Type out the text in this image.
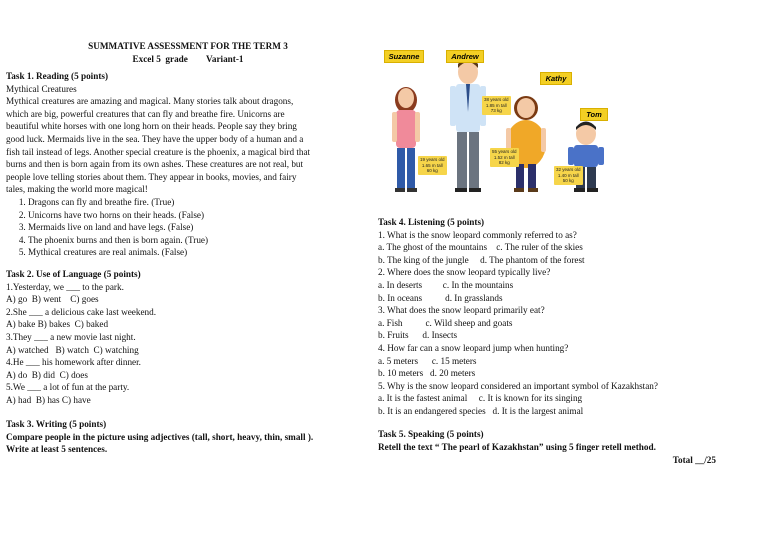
SUMMATIVE ASSESSMENT FOR THE TERM 3
Excel 5  grade        Variant-1
Task 1. Reading (5 points)
Mythical Creatures
Mythical creatures are amazing and magical. Many stories talk about dragons,
which are big, powerful creatures that can fly and breathe fire. Unicorns are
beautiful white horses with one long horn on their heads. People say they bring
good luck. Mermaids live in the sea. They have the upper body of a human and a
fish tail instead of legs. Another special creature is the phoenix, a magical bird that
burns and then is born again from its own ashes. These creatures are not real, but
people love telling stories about them. They appear in books, movies, and fairy
tales, making the world more magical!
1. Dragons can fly and breathe fire. (True)
2. Unicorns have two horns on their heads. (False)
3. Mermaids live on land and have legs. (False)
4. The phoenix burns and then is born again. (True)
5. Mythical creatures are real animals. (False)
Task 2. Use of Language (5 points)
1.Yesterday, we ___ to the park.
A) go  B) went    C) goes
2.She ___ a delicious cake last weekend.
A) bake B) bakes  C) baked
3.They ___ a new movie last night.
A) watched   B) watch  C) watching
4.He ___ his homework after dinner.
A) do  B) did  C) does
5.We ___ a lot of fun at the party.
A) had  B) has C) have
Task 3. Writing (5 points)
Compare people in the picture using adjectives (tall, short, heavy, thin, small ).
Write at least 5 sentences.
Suzanne	Andrew
Kathy
Tom
19 years old
1.65 m tall
60 kg
38 years old
1.85 m tall
73 kg
55 years old
1.52 m tall
82 kg
32 years old
1.40 m tall
50 kg
Task 4. Listening (5 points)
1. What is the snow leopard commonly referred to as?
a. The ghost of the mountains    c. The ruler of the skies
b. The king of the jungle     d. The phantom of the forest
2. Where does the snow leopard typically live?
a. In deserts         c. In the mountains
b. In oceans          d. In grasslands
3. What does the snow leopard primarily eat?
a. Fish          c. Wild sheep and goats
b. Fruits      d. Insects
4. How far can a snow leopard jump when hunting?
a. 5 meters      c. 15 meters
b. 10 meters   d. 20 meters
5. Why is the snow leopard considered an important symbol of Kazakhstan?
a. It is the fastest animal     c. It is known for its singing
b. It is an endangered species   d. It is the largest animal
Task 5. Speaking (5 points)
Retell the text “ The pearl of Kazakhstan” using 5 finger retell method.
Total __/25
